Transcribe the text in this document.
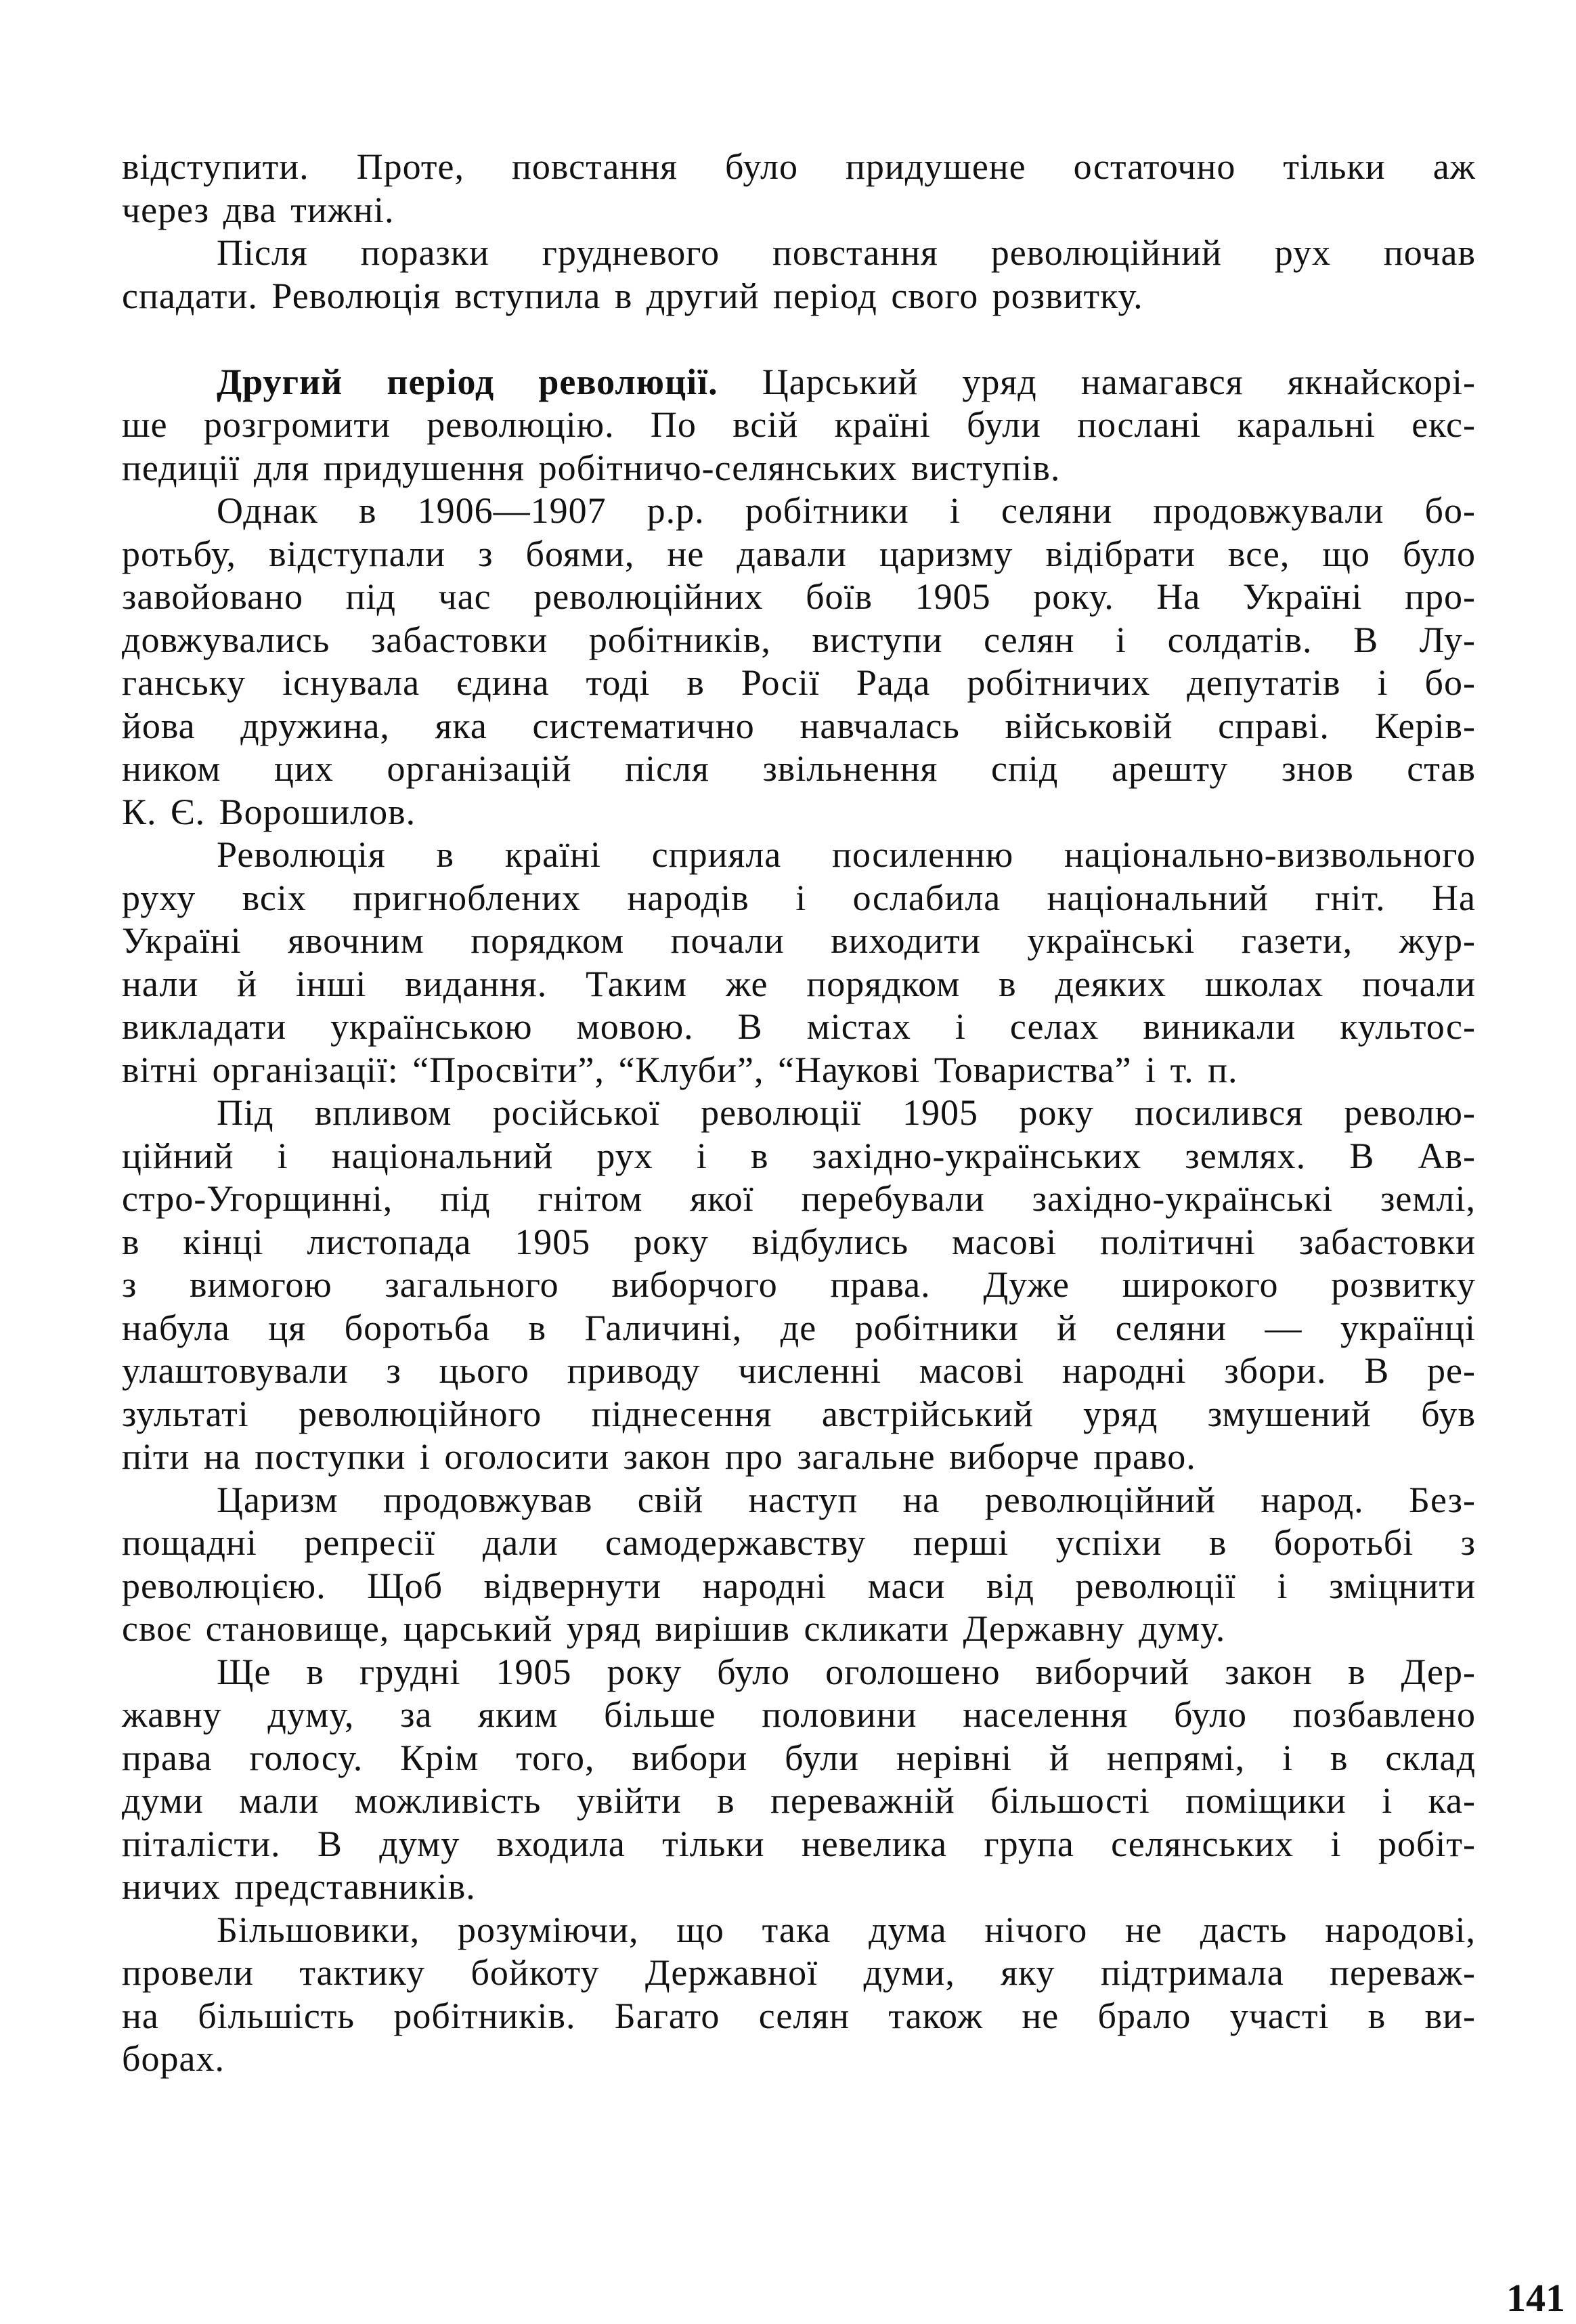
відступити. Проте, повстання було придушене остаточно тільки аж
через два тижні.
Після поразки грудневого повстання революційний рух почав
спадати. Революція вступила в другий період свого розвитку.
Другий період революції. Царський уряд намагався якнайскорі-
ше розгромити революцію. По всій країні були послані каральні екс-
педиції для придушення робітничо-селянських виступів.
Однак в 1906—1907 р.р. робітники і селяни продовжували бо-
ротьбу, відступали з боями, не давали царизму відібрати все, що було
завойовано під час революційних боїв 1905 року. На Україні про-
довжувались забастовки робітників, виступи селян і солдатів. В Лу-
ганську існувала єдина тоді в Росії Рада робітничих депутатів і бо-
йова дружина, яка систематично навчалась військовій справі. Керів-
ником цих організацій після звільнення спід арешту знов став
К. Є. Ворошилов.
Революція в країні сприяла посиленню національно-визвольного
руху всіх пригноблених народів і ослабила національний гніт. На
Україні явочним порядком почали виходити українські газети, жур-
нали й інші видання. Таким же порядком в деяких школах почали
викладати українською мовою. В містах і селах виникали культос-
вітні організації: “Просвіти”, “Клуби”, “Наукові Товариства” і т. п.
Під впливом російської революції 1905 року посилився револю-
ційний і національний рух і в західно-українських землях. В Ав-
стро-Угорщинні, під гнітом якої перебували західно-українські землі,
в кінці листопада 1905 року відбулись масові політичні забастовки
з вимогою загального виборчого права. Дуже широкого розвитку
набула ця боротьба в Галичині, де робітники й селяни — українці
улаштовували з цього приводу численні масові народні збори. В ре-
зультаті революційного піднесення австрійський уряд змушений був
піти на поступки і оголосити закон про загальне виборче право.
Царизм продовжував свій наступ на революційний народ. Без-
пощадні репресії дали самодержавству перші успіхи в боротьбі з
революцією. Щоб відвернути народні маси від революції і зміцнити
своє становище, царський уряд вирішив скликати Державну думу.
Ще в грудні 1905 року було оголошено виборчий закон в Дер-
жавну думу, за яким більше половини населення було позбавлено
права голосу. Крім того, вибори були нерівні й непрямі, і в склад
думи мали можливість увійти в переважній більшості поміщики і ка-
піталісти. В думу входила тільки невелика група селянських і робіт-
ничих представників.
Більшовики, розуміючи, що така дума нічого не дасть народові,
провели тактику бойкоту Державної думи, яку підтримала переваж-
на більшість робітників. Багато селян також не брало участі в ви-
борах.
141
